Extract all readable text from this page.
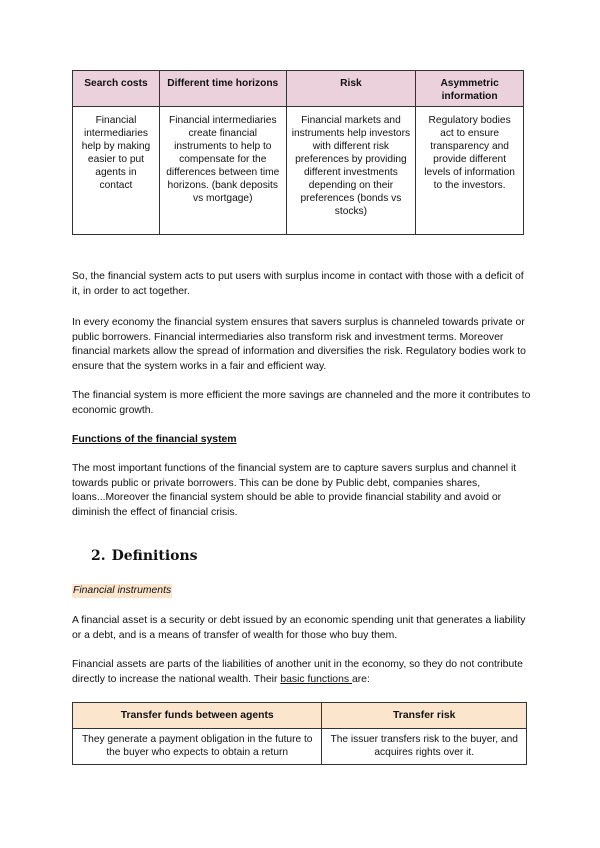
Search costs	Different time horizons	Risk	Asymmetric information
Financial intermediaries help by making easier to put agents in contact	Financial intermediaries create financial instruments to help to compensate for the differences between time horizons. (bank deposits vs mortgage)	Financial markets and instruments help investors with different risk preferences by providing different investments depending on their preferences (bonds vs stocks)	Regulatory bodies act to ensure transparency and provide different levels of information to the investors.

So, the financial system acts to put users with surplus income in contact with those with a deficit of it, in order to act together.

In every economy the financial system ensures that savers surplus is channeled towards private or public borrowers. Financial intermediaries also transform risk and investment terms. Moreover financial markets allow the spread of information and diversifies the risk. Regulatory bodies work to ensure that the system works in a fair and efficient way.

The financial system is more efficient the more savings are channeled and the more it contributes to economic growth.

Functions of the financial system

The most important functions of the financial system are to capture savers surplus and channel it towards public or private borrowers. This can be done by Public debt, companies shares, loans...Moreover the financial system should be able to provide financial stability and avoid or diminish the effect of financial crisis.

2. Definitions
Financial instruments

A financial asset is a security or debt issued by an economic spending unit that generates a liability or a debt, and is a means of transfer of wealth for those who buy them.

Financial assets are parts of the liabilities of another unit in the economy, so they do not contribute directly to increase the national wealth. Their basic functions are:

Transfer funds between agents	Transfer risk
They generate a payment obligation in the future to the buyer who expects to obtain a return	The issuer transfers risk to the buyer, and acquires rights over it.
